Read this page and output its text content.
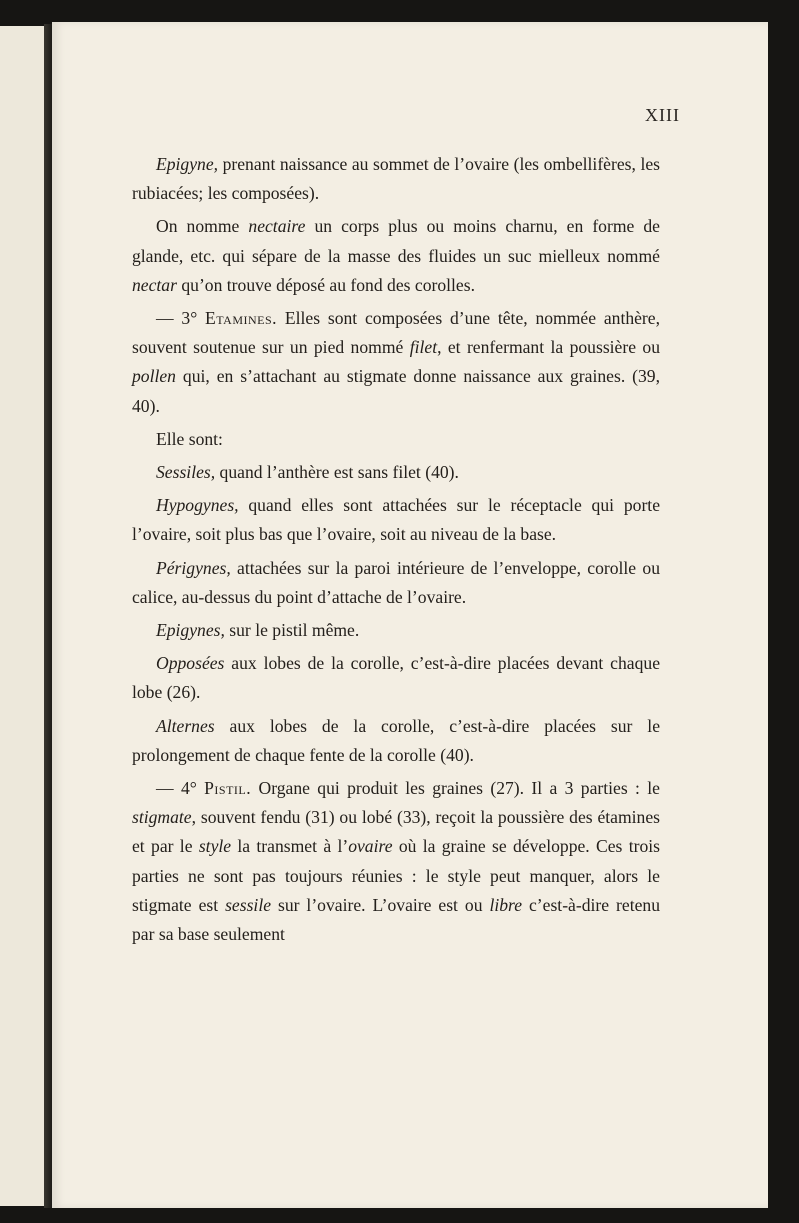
XIII

Epigyne, prenant naissance au sommet de l’ovaire (les ombellifères, les rubiacées; les composées).

On nomme nectaire un corps plus ou moins charnu, en forme de glande, etc. qui sépare de la masse des fluides un suc mielleux nommé nectar qu’on trouve déposé au fond des corolles.

— 3° Etamines. Elles sont composées d’une tête, nommée anthère, souvent soutenue sur un pied nommé filet, et renfermant la poussière ou pollen qui, en s’attachant au stigmate donne naissance aux graines. (39, 40).

Elle sont:

Sessiles, quand l’anthère est sans filet (40).

Hypogynes, quand elles sont attachées sur le réceptacle qui porte l’ovaire, soit plus bas que l’ovaire, soit au niveau de la base.

Périgynes, attachées sur la paroi intérieure de l’enveloppe, corolle ou calice, au-dessus du point d’attache de l’ovaire.

Epigynes, sur le pistil même.

Opposées aux lobes de la corolle, c’est-à-dire placées devant chaque lobe (26).

Alternes aux lobes de la corolle, c’est-à-dire placées sur le prolongement de chaque fente de la corolle (40).

— 4° Pistil. Organe qui produit les graines (27). Il a 3 parties : le stigmate, souvent fendu (31) ou lobé (33), reçoit la poussière des étamines et par le style la transmet à l’ovaire où la graine se développe. Ces trois parties ne sont pas toujours réunies : le style peut manquer, alors le stigmate est sessile sur l’ovaire. L’ovaire est ou libre c’est-à-dire retenu par sa base seulement
